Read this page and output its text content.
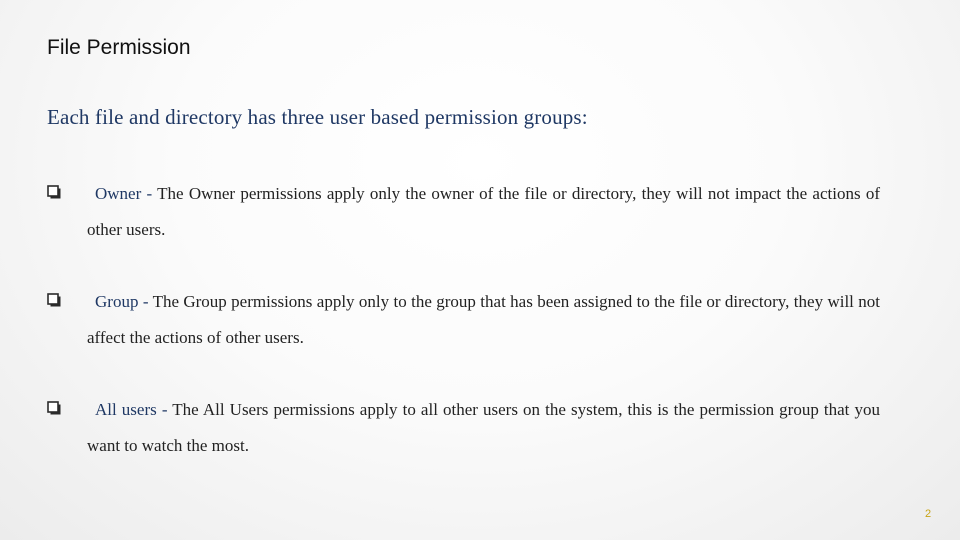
File Permission
Each file and directory has three user based permission groups:
Owner - The Owner permissions apply only the owner of the file or directory, they will not impact the actions of other users.
Group - The Group permissions apply only to the group that has been assigned to the file or directory, they will not affect the actions of other users.
All users - The All Users permissions apply to all other users on the system, this is the permission group that you want to watch the most.
2
